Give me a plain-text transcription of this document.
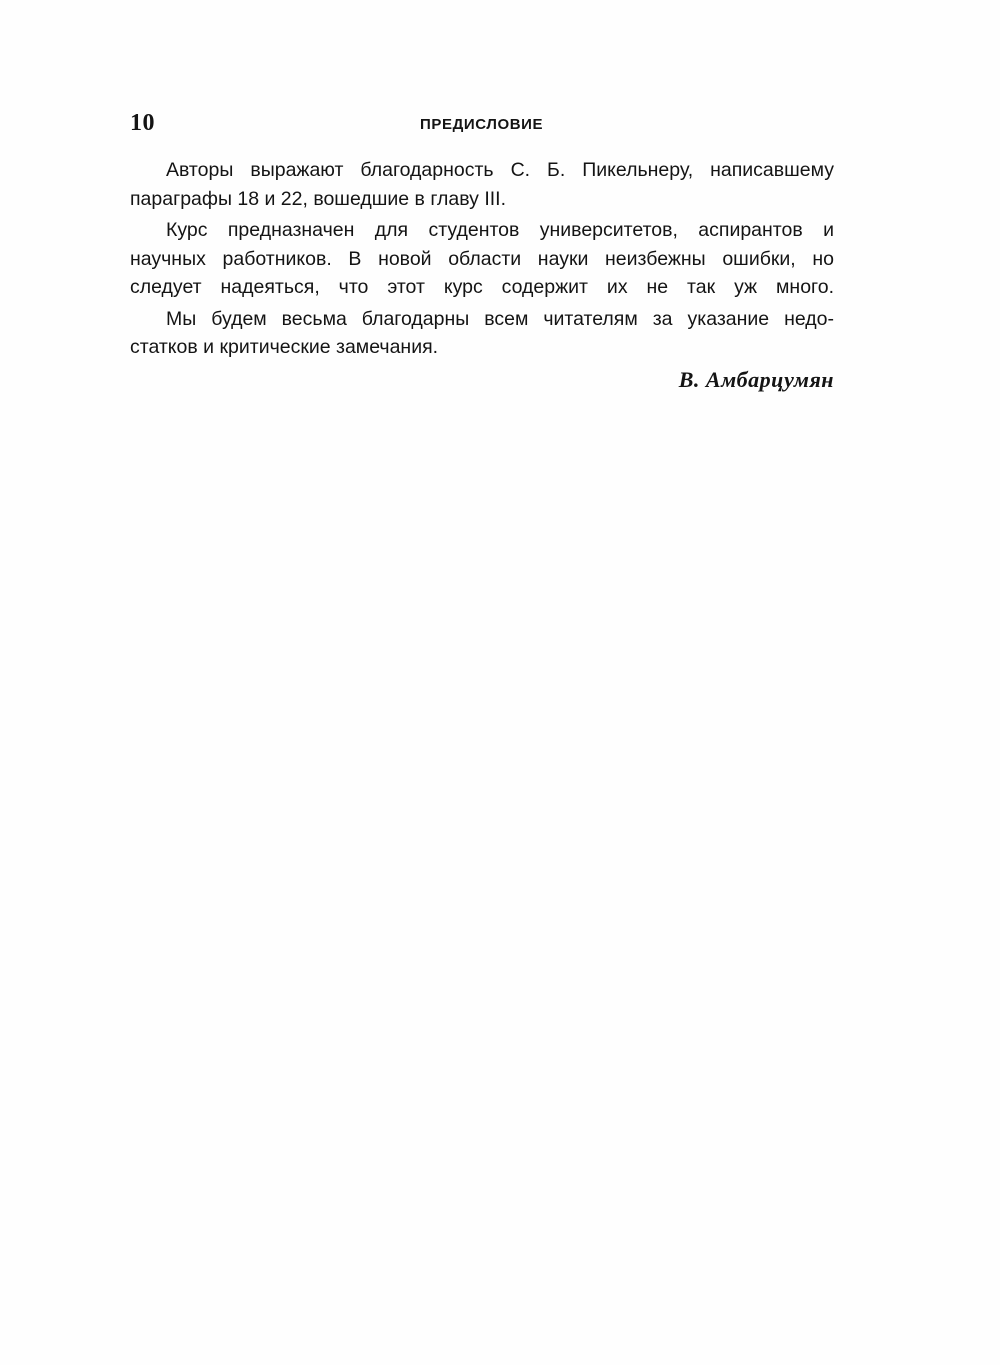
10	ПРЕДИСЛОВИЕ

Авторы выражают благодарность С. Б. Пикельнеру, написавшему
параграфы 18 и 22, вошедшие в главу III.

Курс предназначен для студентов университетов, аспирантов и
научных работников. В новой области науки неизбежны ошибки, но
следует надеяться, что этот курс содержит их не так уж много.

Мы будем весьма благодарны всем читателям за указание недо-
статков и критические замечания.

В. Амбарцумян
